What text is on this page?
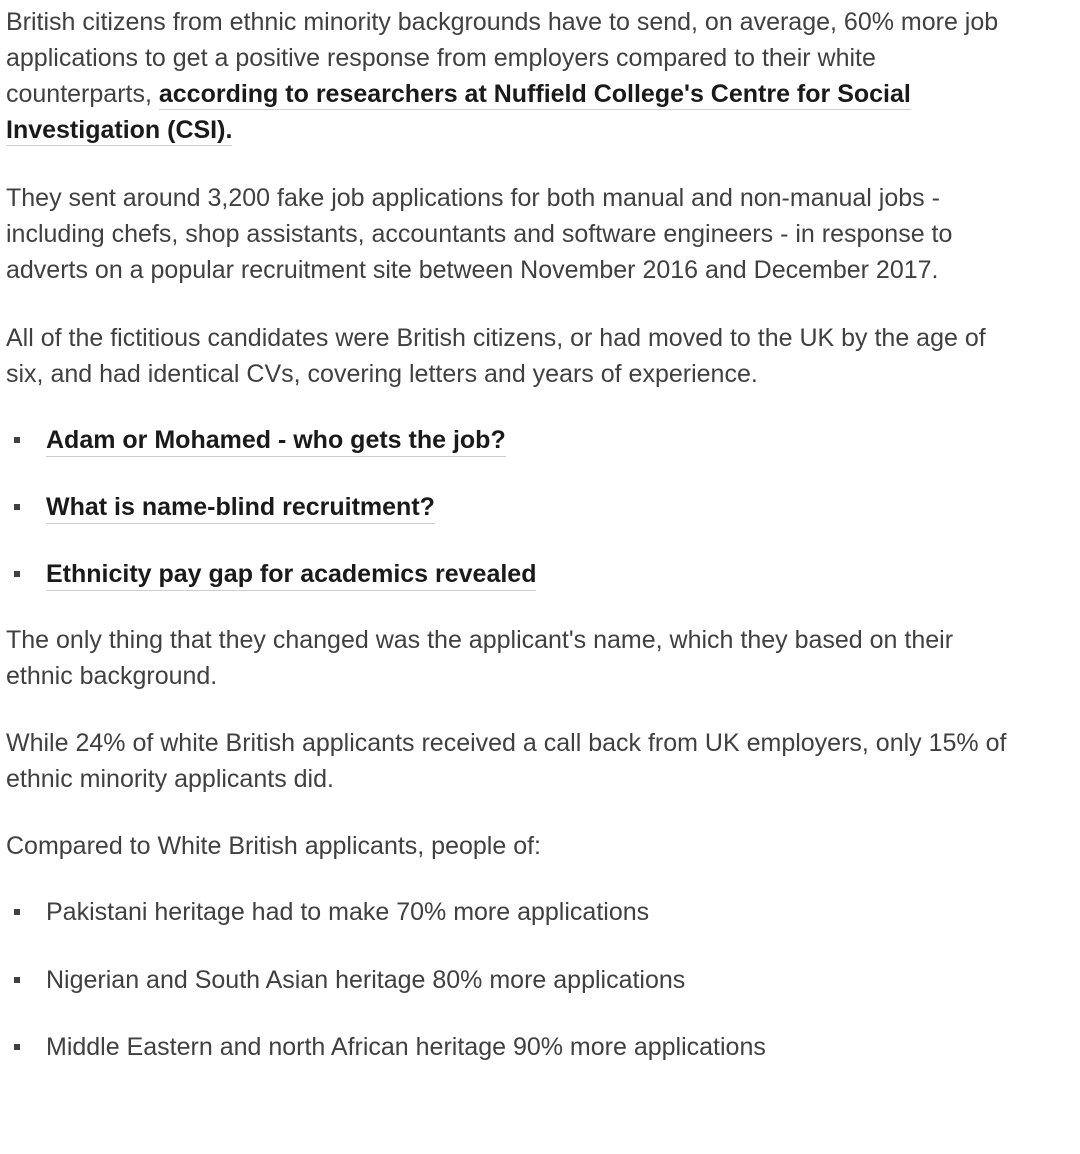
British citizens from ethnic minority backgrounds have to send, on average, 60% more job applications to get a positive response from employers compared to their white counterparts, according to researchers at Nuffield College's Centre for Social Investigation (CSI).

They sent around 3,200 fake job applications for both manual and non-manual jobs - including chefs, shop assistants, accountants and software engineers - in response to adverts on a popular recruitment site between November 2016 and December 2017.

All of the fictitious candidates were British citizens, or had moved to the UK by the age of six, and had identical CVs, covering letters and years of experience.

Adam or Mohamed - who gets the job?
What is name-blind recruitment?
Ethnicity pay gap for academics revealed

The only thing that they changed was the applicant's name, which they based on their ethnic background.

While 24% of white British applicants received a call back from UK employers, only 15% of ethnic minority applicants did.

Compared to White British applicants, people of:

Pakistani heritage had to make 70% more applications
Nigerian and South Asian heritage 80% more applications
Middle Eastern and north African heritage 90% more applications
